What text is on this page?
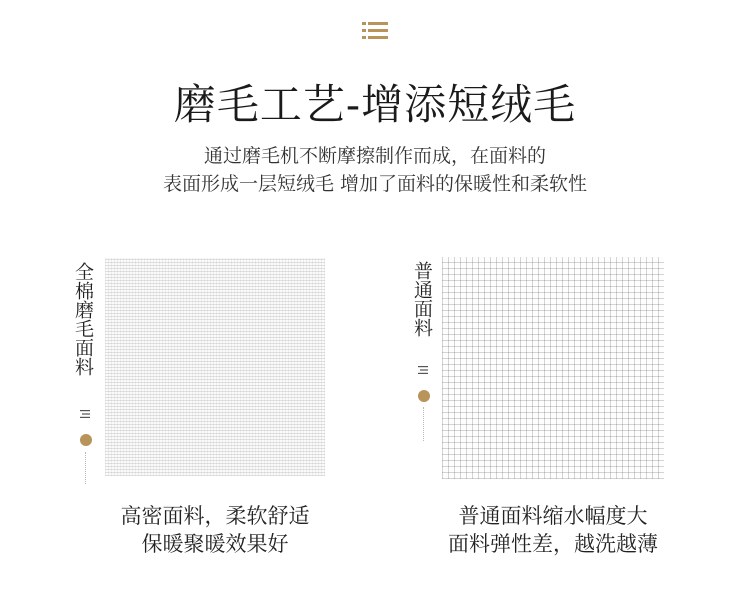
磨毛工艺-增添短绒毛
通过磨毛机不断摩擦制作而成，在面料的
表面形成一层短绒毛 增加了面料的保暖性和柔软性
全棉磨毛面料
高密面料，柔软舒适
保暖聚暖效果好
普通面料
普通面料缩水幅度大
面料弹性差，越洗越薄
